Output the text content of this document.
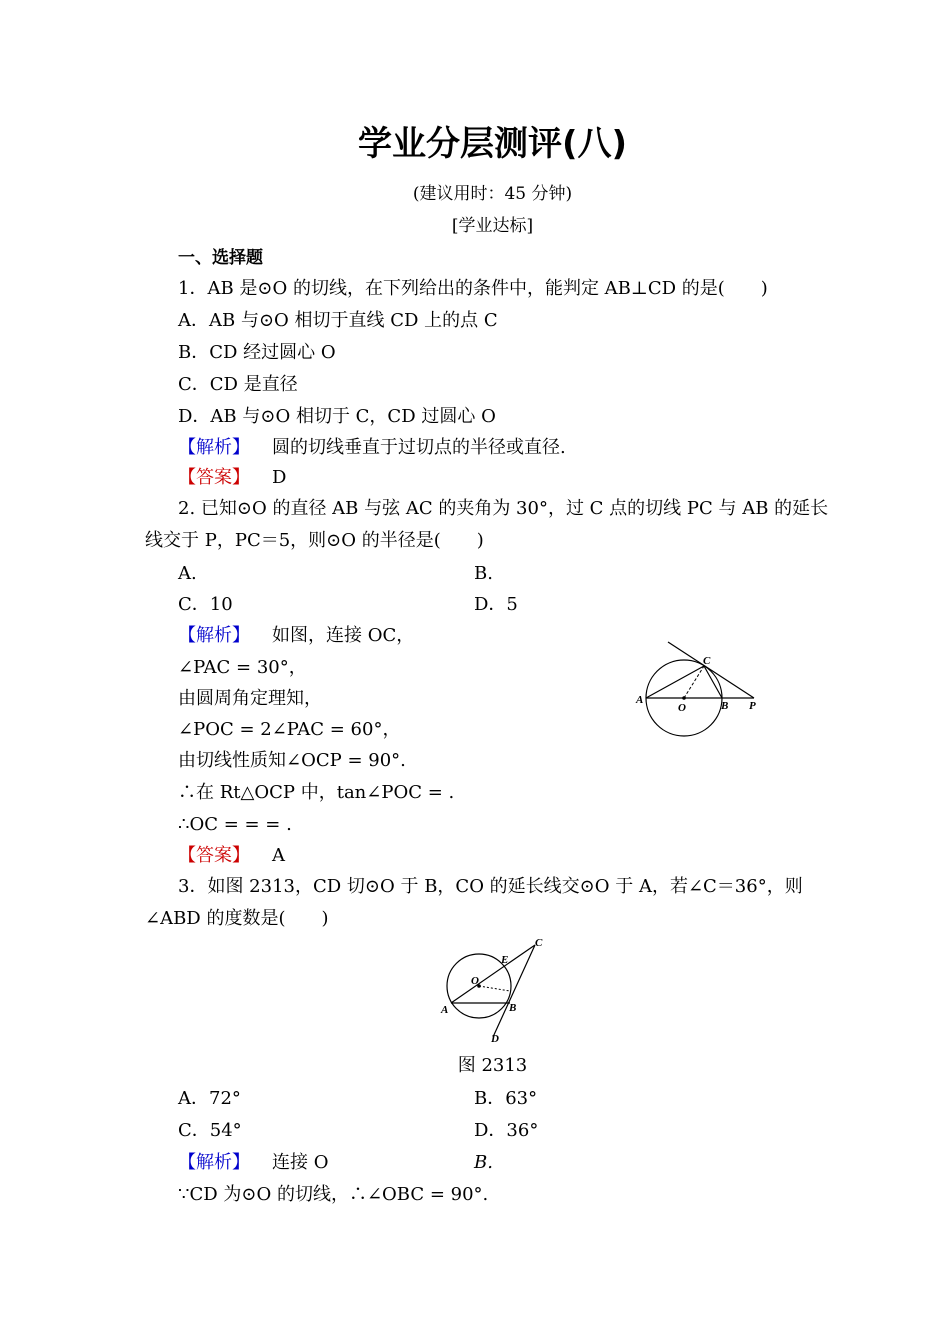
学业分层测评(八)
(建议用时：45 分钟)
[学业达标]
一、选择题
1．AB 是⊙O 的切线，在下列给出的条件中，能判定 AB⊥CD 的是(　　)
A．AB 与⊙O 相切于直线 CD 上的点 C
B．CD 经过圆心 O
C．CD 是直径
D．AB 与⊙O 相切于 C，CD 过圆心 O
【解析】 圆的切线垂直于过切点的半径或直径.
【答案】 D
2. 已知⊙O 的直径 AB 与弦 AC 的夹角为 30°，过 C 点的切线 PC 与 AB 的延长
线交于 P，PC＝5，则⊙O 的半径是(　　)
A.	B.
C．10	D．5
【解析】 如图，连接 OC，
∠PAC = 30°，
由圆周角定理知，
∠POC = 2∠PAC = 60°，
由切线性质知∠OCP = 90°.
∴在 Rt△OCP 中，tan∠POC = .
∴OC = = = .
【答案】 A
A
O	B P
C
3．如图 2313，CD 切⊙O 于 B，CO 的延长线交⊙O 于 A，若∠C＝36°，则
∠ABD 的度数是(　　)
C
E
O
A	B
D
图 2313
A．72°	B．63°
C．54°	D．36°
【解析】 连接 O	B.
∵CD 为⊙O 的切线，∴∠OBC = 90°.
